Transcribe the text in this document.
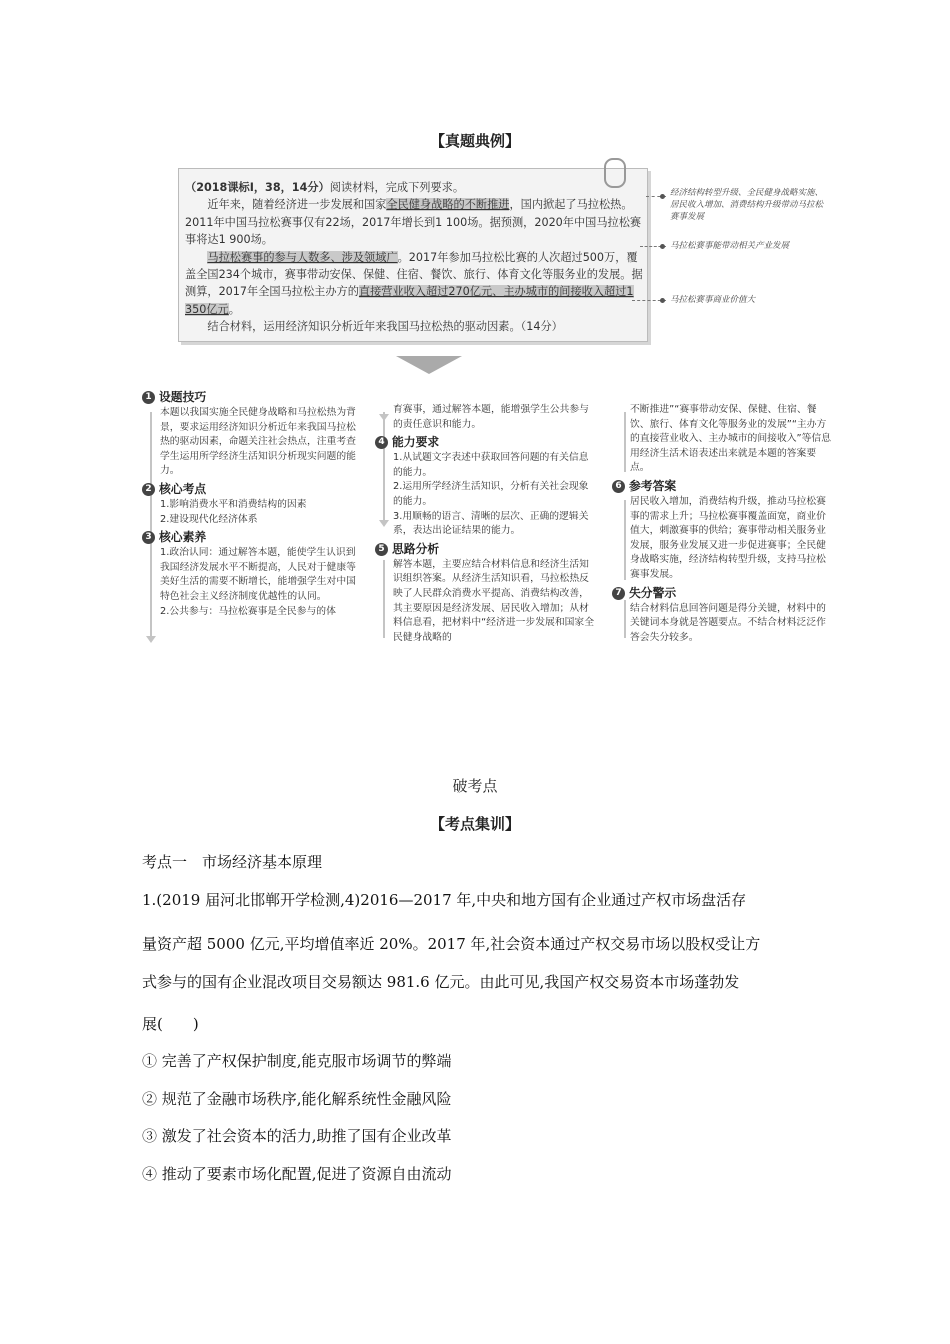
【真题典例】

（2018课标Ⅰ，38，14分）阅读材料，完成下列要求。

近年来，随着经济进一步发展和国家全民健身战略的不断推进，国内掀起了马拉松热。2011年中国马拉松赛事仅有22场，2017年增长到1 100场。据预测，2020年中国马拉松赛事将达1 900场。

马拉松赛事的参与人数多、涉及领域广。2017年参加马拉松比赛的人次超过500万，覆盖全国234个城市，赛事带动安保、保健、住宿、餐饮、旅行、体育文化等服务业的发展。据测算，2017年全国马拉松主办方的直接营业收入超过270亿元、主办城市的间接收入超过1 350亿元。

结合材料，运用经济知识分析近年来我国马拉松热的驱动因素。（14分）

经济结构转型升级、全民健身战略实施、居民收入增加、消费结构升级带动马拉松赛事发展
马拉松赛事能带动相关产业发展
马拉松赛事商业价值大
1 设题技巧
本题以我国实施全民健身战略和马拉松热为背景，要求运用经济知识分析近年来我国马拉松热的驱动因素，命题关注社会热点，注重考查学生运用所学经济生活知识分析现实问题的能力。
2 核心考点
1.影响消费水平和消费结构的因素
2.建设现代化经济体系
3 核心素养
1.政治认同：通过解答本题，能使学生认识到我国经济发展水平不断提高，人民对于健康等美好生活的需要不断增长，能增强学生对中国特色社会主义经济制度优越性的认同。
2.公共参与：马拉松赛事是全民参与的体
育赛事，通过解答本题，能增强学生公共参与的责任意识和能力。
4 能力要求
1.从试题文字表述中获取回答问题的有关信息的能力。
2.运用所学经济生活知识，分析有关社会现象的能力。
3.用顺畅的语言、清晰的层次、正确的逻辑关系，表达出论证结果的能力。
5 思路分析
解答本题，主要应结合材料信息和经济生活知识组织答案。从经济生活知识看，马拉松热反映了人民群众消费水平提高、消费结构改善，其主要原因是经济发展、居民收入增加；从材料信息看，把材料中“经济进一步发展和国家全民健身战略的
不断推进”“赛事带动安保、保健、住宿、餐饮、旅行、体育文化等服务业的发展”“主办方的直接营业收入、主办城市的间接收入”等信息用经济生活术语表述出来就是本题的答案要点。
6 参考答案
居民收入增加，消费结构升级，推动马拉松赛事的需求上升；马拉松赛事覆盖面宽，商业价值大，刺激赛事的供给；赛事带动相关服务业发展，服务业发展又进一步促进赛事；全民健身战略实施，经济结构转型升级，支持马拉松赛事发展。
7 失分警示
结合材料信息回答问题是得分关键，材料中的关键词本身就是答题要点。不结合材料泛泛作答会失分较多。
破考点
【考点集训】
考点一　市场经济基本原理
1.(2019 届河北邯郸开学检测,4)2016—2017 年,中央和地方国有企业通过产权市场盘活存
量资产超 5000 亿元,平均增值率近 20%。2017 年,社会资本通过产权交易市场以股权受让方
式参与的国有企业混改项目交易额达 981.6 亿元。由此可见,我国产权交易资本市场蓬勃发
展(　　)
① 完善了产权保护制度,能克服市场调节的弊端
② 规范了金融市场秩序,能化解系统性金融风险
③ 激发了社会资本的活力,助推了国有企业改革
④ 推动了要素市场化配置,促进了资源自由流动
